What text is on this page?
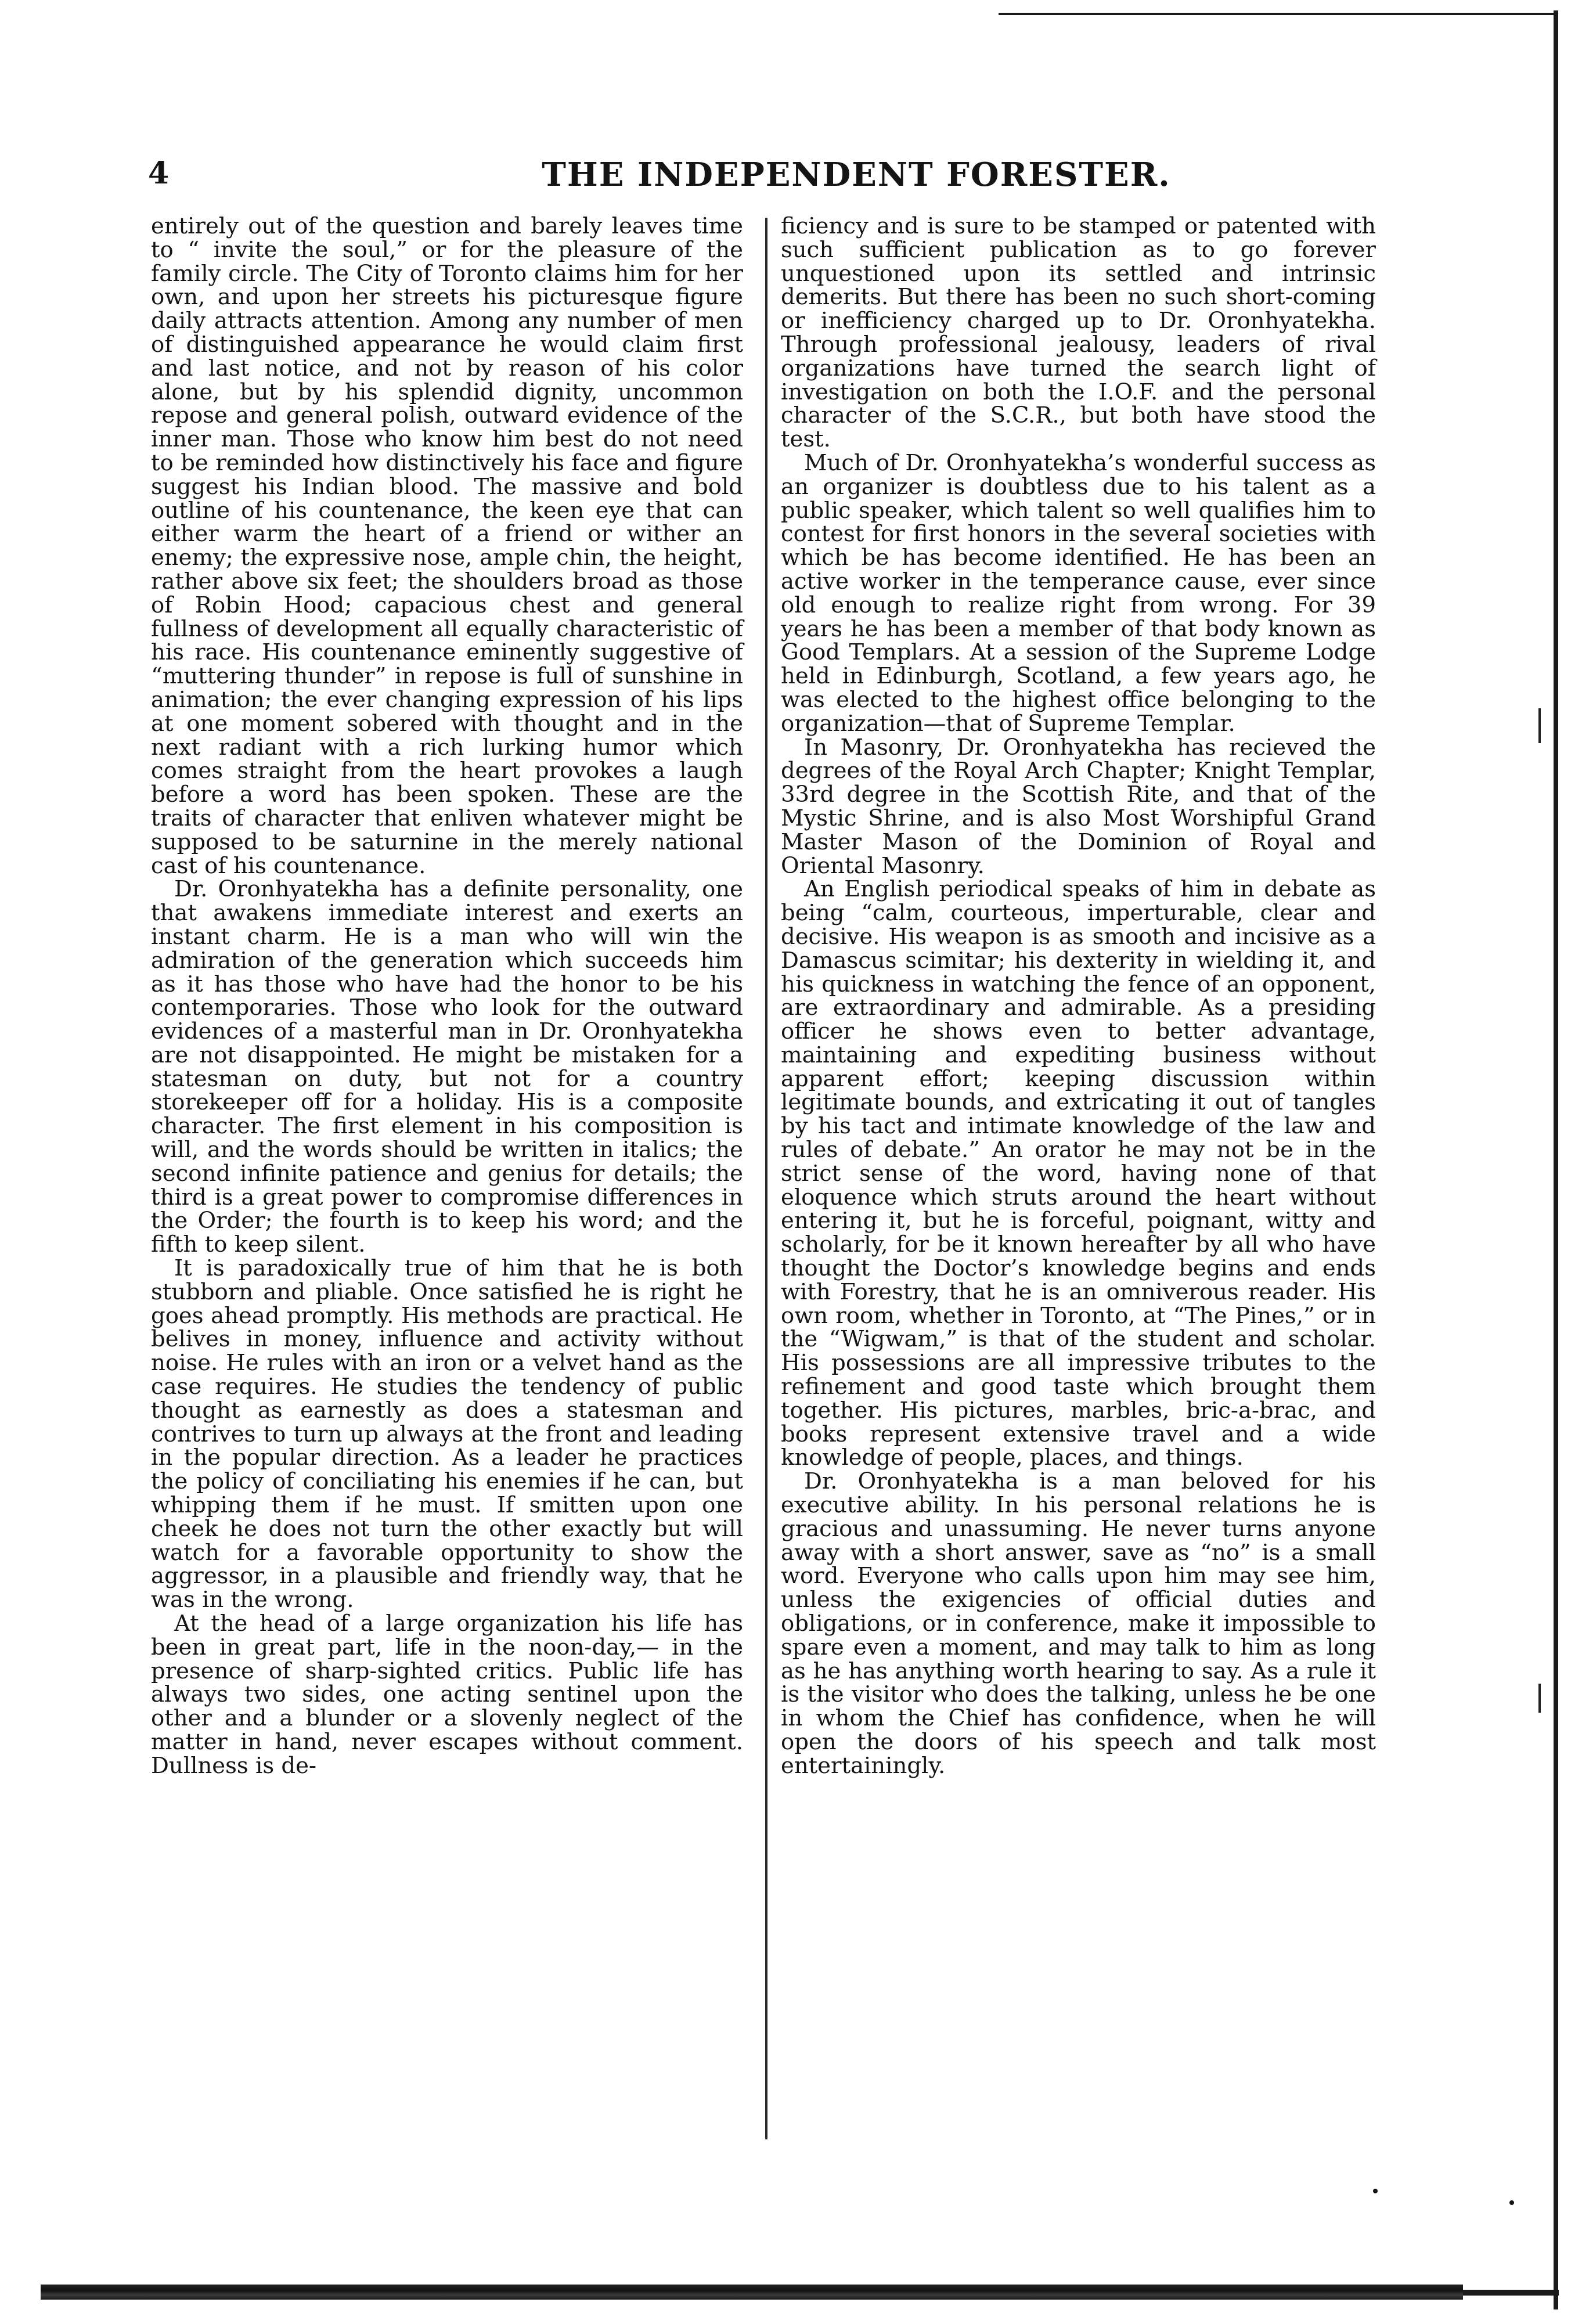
4	THE INDEPENDENT FORESTER.

entirely out of the question and barely leaves time to “ invite the soul,” or for the pleasure of the family circle. The City of Toronto claims him for her own, and upon her streets his picturesque figure daily attracts attention. Among any number of men of distinguished appearance he would claim first and last notice, and not by reason of his color alone, but by his splendid dignity, uncommon repose and general polish, outward evidence of the inner man. Those who know him best do not need to be reminded how distinctively his face and figure suggest his Indian blood. The massive and bold outline of his countenance, the keen eye that can either warm the heart of a friend or wither an enemy; the expressive nose, ample chin, the height, rather above six feet; the shoulders broad as those of Robin Hood; capacious chest and general fullness of development all equally characteristic of his race. His countenance eminently suggestive of “muttering thunder” in repose is full of sunshine in animation; the ever changing expression of his lips at one moment sobered with thought and in the next radiant with a rich lurking humor which comes straight from the heart provokes a laugh before a word has been spoken. These are the traits of character that enliven whatever might be supposed to be saturnine in the merely national cast of his countenance.

Dr. Oronhyatekha has a definite personality, one that awakens immediate interest and exerts an instant charm. He is a man who will win the admiration of the generation which succeeds him as it has those who have had the honor to be his contemporaries. Those who look for the outward evidences of a masterful man in Dr. Oronhyatekha are not disappointed. He might be mistaken for a statesman on duty, but not for a country storekeeper off for a holiday. His is a composite character. The first element in his composition is will, and the words should be written in italics; the second infinite patience and genius for details; the third is a great power to compromise differences in the Order; the fourth is to keep his word; and the fifth to keep silent.

It is paradoxically true of him that he is both stubborn and pliable. Once satisfied he is right he goes ahead promptly. His methods are practical. He belives in money, influence and activity without noise. He rules with an iron or a velvet hand as the case requires. He studies the tendency of public thought as earnestly as does a statesman and contrives to turn up always at the front and leading in the popular direction. As a leader he practices the policy of conciliating his enemies if he can, but whipping them if he must. If smitten upon one cheek he does not turn the other exactly but will watch for a favorable opportunity to show the aggressor, in a plausible and friendly way, that he was in the wrong.

At the head of a large organization his life has been in great part, life in the noon-day,— in the presence of sharp-sighted critics. Public life has always two sides, one acting sentinel upon the other and a blunder or a slovenly neglect of the matter in hand, never escapes without comment. Dullness is de-

ficiency and is sure to be stamped or patented with such sufficient publication as to go forever unquestioned upon its settled and intrinsic demerits. But there has been no such short-coming or inefficiency charged up to Dr. Oronhyatekha. Through professional jealousy, leaders of rival organizations have turned the search light of investigation on both the I.O.F. and the personal character of the S.C.R., but both have stood the test.

Much of Dr. Oronhyatekha’s wonderful success as an organizer is doubtless due to his talent as a public speaker, which talent so well qualifies him to contest for first honors in the several societies with which be has become identified. He has been an active worker in the temperance cause, ever since old enough to realize right from wrong. For 39 years he has been a member of that body known as Good Templars. At a session of the Supreme Lodge held in Edinburgh, Scotland, a few years ago, he was elected to the highest office belonging to the organization—that of Supreme Templar.

In Masonry, Dr. Oronhyatekha has recieved the degrees of the Royal Arch Chapter; Knight Templar, 33rd degree in the Scottish Rite, and that of the Mystic Shrine, and is also Most Worshipful Grand Master Mason of the Dominion of Royal and Oriental Masonry.

An English periodical speaks of him in debate as being “calm, courteous, imperturable, clear and decisive. His weapon is as smooth and incisive as a Damascus scimitar; his dexterity in wielding it, and his quickness in watching the fence of an opponent, are extraordinary and admirable. As a presiding officer he shows even to better advantage, maintaining and expediting business without apparent effort; keeping discussion within legitimate bounds, and extricating it out of tangles by his tact and intimate knowledge of the law and rules of debate.” An orator he may not be in the strict sense of the word, having none of that eloquence which struts around the heart without entering it, but he is forceful, poignant, witty and scholarly, for be it known hereafter by all who have thought the Doctor’s knowledge begins and ends with Forestry, that he is an omniverous reader. His own room, whether in Toronto, at “The Pines,” or in the “Wigwam,” is that of the student and scholar. His possessions are all impressive tributes to the refinement and good taste which brought them together. His pictures, marbles, bric-a-brac, and books represent extensive travel and a wide knowledge of people, places, and things.

Dr. Oronhyatekha is a man beloved for his executive ability. In his personal relations he is gracious and unassuming. He never turns anyone away with a short answer, save as “no” is a small word. Everyone who calls upon him may see him, unless the exigencies of official duties and obligations, or in conference, make it impossible to spare even a moment, and may talk to him as long as he has anything worth hearing to say. As a rule it is the visitor who does the talking, unless he be one in whom the Chief has confidence, when he will open the doors of his speech and talk most entertainingly.
